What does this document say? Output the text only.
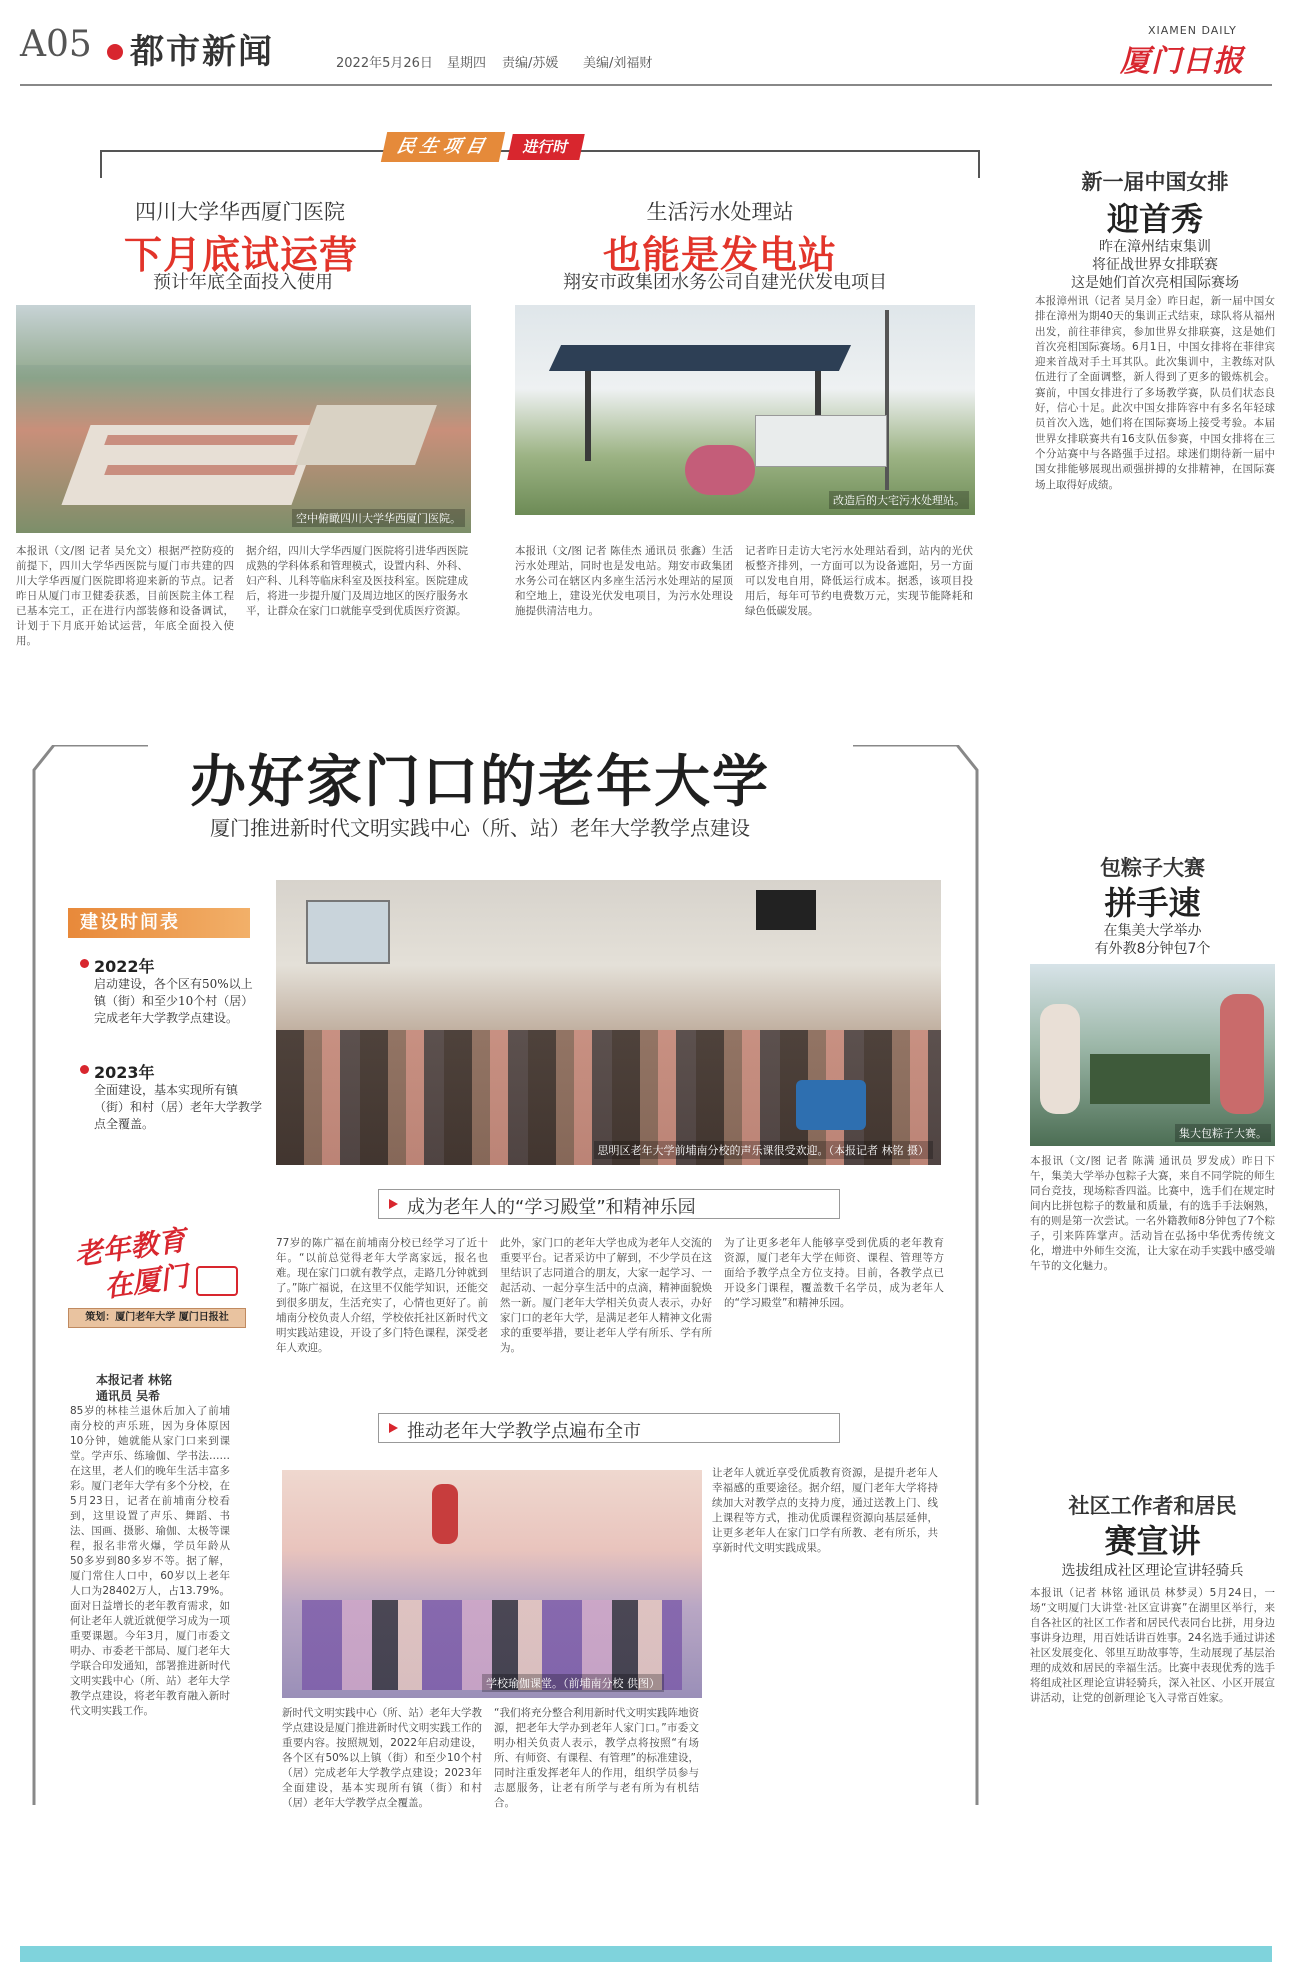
A05 都市新闻	2022年5月26日 星期四 责编/苏媛 美编/刘福财
XIAMEN DAILY
厦门日报
民生项目	进行时
四川大学华西厦门医院
下月底试运营
预计年底全面投入使用
空中俯瞰四川大学华西厦门医院。
本报讯（文/图 记者 吴允文）根据严控防疫的前提下，四川大学华西医院与厦门市共建的四川大学华西厦门医院即将迎来新的节点。记者昨日从厦门市卫健委获悉，目前医院主体工程已基本完工，正在进行内部装修和设备调试，计划于下月底开始试运营，年底全面投入使用。
据介绍，四川大学华西厦门医院将引进华西医院成熟的学科体系和管理模式，设置内科、外科、妇产科、儿科等临床科室及医技科室。医院建成后，将进一步提升厦门及周边地区的医疗服务水平，让群众在家门口就能享受到优质医疗资源。
生活污水处理站
也能是发电站
翔安市政集团水务公司自建光伏发电项目
改造后的大宅污水处理站。
本报讯（文/图 记者 陈佳杰 通讯员 张鑫）生活污水处理站，同时也是发电站。翔安市政集团水务公司在辖区内多座生活污水处理站的屋顶和空地上，建设光伏发电项目，为污水处理设施提供清洁电力。
记者昨日走访大宅污水处理站看到，站内的光伏板整齐排列，一方面可以为设备遮阳，另一方面可以发电自用，降低运行成本。据悉，该项目投用后，每年可节约电费数万元，实现节能降耗和绿色低碳发展。
新一届中国女排
迎首秀
昨在漳州结束集训
将征战世界女排联赛
这是她们首次亮相国际赛场
本报漳州讯（记者 吴月金）昨日起，新一届中国女排在漳州为期40天的集训正式结束，球队将从福州出发，前往菲律宾，参加世界女排联赛，这是她们首次亮相国际赛场。6月1日，中国女排将在菲律宾迎来首战对手土耳其队。此次集训中，主教练对队伍进行了全面调整，新人得到了更多的锻炼机会。赛前，中国女排进行了多场教学赛，队员们状态良好，信心十足。此次中国女排阵容中有多名年轻球员首次入选，她们将在国际赛场上接受考验。本届世界女排联赛共有16支队伍参赛，中国女排将在三个分站赛中与各路强手过招。球迷们期待新一届中国女排能够展现出顽强拼搏的女排精神，在国际赛场上取得好成绩。
办好家门口的老年大学
厦门推进新时代文明实践中心（所、站）老年大学教学点建设
建设时间表
2022年
启动建设，各个区有50%以上镇（街）和至少10个村（居）完成老年大学教学点建设。
2023年
全面建设，基本实现所有镇（街）和村（居）老年大学教学点全覆盖。
思明区老年大学前埔南分校的声乐课很受欢迎。（本报记者 林铭 摄）
成为老年人的“学习殿堂”和精神乐园
老年教育
在厦门
策划：厦门老年大学 厦门日报社
本报记者 林铭
通讯员 吴希
85岁的林桂兰退休后加入了前埔南分校的声乐班，因为身体原因10分钟，她就能从家门口来到课堂。学声乐、练瑜伽、学书法……在这里，老人们的晚年生活丰富多彩。厦门老年大学有多个分校，在5月23日，记者在前埔南分校看到，这里设置了声乐、舞蹈、书法、国画、摄影、瑜伽、太极等课程，报名非常火爆，学员年龄从50多岁到80多岁不等。据了解，厦门常住人口中，60岁以上老年人口为28402万人，占13.79%。面对日益增长的老年教育需求，如何让老年人就近就便学习成为一项重要课题。今年3月，厦门市委文明办、市委老干部局、厦门老年大学联合印发通知，部署推进新时代文明实践中心（所、站）老年大学教学点建设，将老年教育融入新时代文明实践工作。
77岁的陈广福在前埔南分校已经学习了近十年。“以前总觉得老年大学离家远，报名也难。现在家门口就有教学点，走路几分钟就到了。”陈广福说，在这里不仅能学知识，还能交到很多朋友，生活充实了，心情也更好了。前埔南分校负责人介绍，学校依托社区新时代文明实践站建设，开设了多门特色课程，深受老年人欢迎。
此外，家门口的老年大学也成为老年人交流的重要平台。记者采访中了解到，不少学员在这里结识了志同道合的朋友，大家一起学习、一起活动、一起分享生活中的点滴，精神面貌焕然一新。厦门老年大学相关负责人表示，办好家门口的老年大学，是满足老年人精神文化需求的重要举措，要让老年人学有所乐、学有所为。
为了让更多老年人能够享受到优质的老年教育资源，厦门老年大学在师资、课程、管理等方面给予教学点全方位支持。目前，各教学点已开设多门课程，覆盖数千名学员，成为老年人的“学习殿堂”和精神乐园。
推动老年大学教学点遍布全市
学校瑜伽课堂。（前埔南分校 供图）
新时代文明实践中心（所、站）老年大学教学点建设是厦门推进新时代文明实践工作的重要内容。按照规划，2022年启动建设，各个区有50%以上镇（街）和至少10个村（居）完成老年大学教学点建设；2023年全面建设，基本实现所有镇（街）和村（居）老年大学教学点全覆盖。
“我们将充分整合利用新时代文明实践阵地资源，把老年大学办到老年人家门口。”市委文明办相关负责人表示，教学点将按照“有场所、有师资、有课程、有管理”的标准建设，同时注重发挥老年人的作用，组织学员参与志愿服务，让老有所学与老有所为有机结合。
让老年人就近享受优质教育资源，是提升老年人幸福感的重要途径。据介绍，厦门老年大学将持续加大对教学点的支持力度，通过送教上门、线上课程等方式，推动优质课程资源向基层延伸，让更多老年人在家门口学有所教、老有所乐，共享新时代文明实践成果。
包粽子大赛
拼手速
在集美大学举办
有外教8分钟包7个
集大包粽子大赛。
本报讯（文/图 记者 陈满 通讯员 罗发成）昨日下午，集美大学举办包粽子大赛，来自不同学院的师生同台竞技，现场粽香四溢。比赛中，选手们在规定时间内比拼包粽子的数量和质量，有的选手手法娴熟，有的则是第一次尝试。一名外籍教师8分钟包了7个粽子，引来阵阵掌声。活动旨在弘扬中华优秀传统文化，增进中外师生交流，让大家在动手实践中感受端午节的文化魅力。
社区工作者和居民
赛宣讲
选拔组成社区理论宣讲轻骑兵
本报讯（记者 林铭 通讯员 林梦灵）5月24日，一场“文明厦门大讲堂·社区宣讲赛”在湖里区举行，来自各社区的社区工作者和居民代表同台比拼，用身边事讲身边理，用百姓话讲百姓事。24名选手通过讲述社区发展变化、邻里互助故事等，生动展现了基层治理的成效和居民的幸福生活。比赛中表现优秀的选手将组成社区理论宣讲轻骑兵，深入社区、小区开展宣讲活动，让党的创新理论飞入寻常百姓家。
